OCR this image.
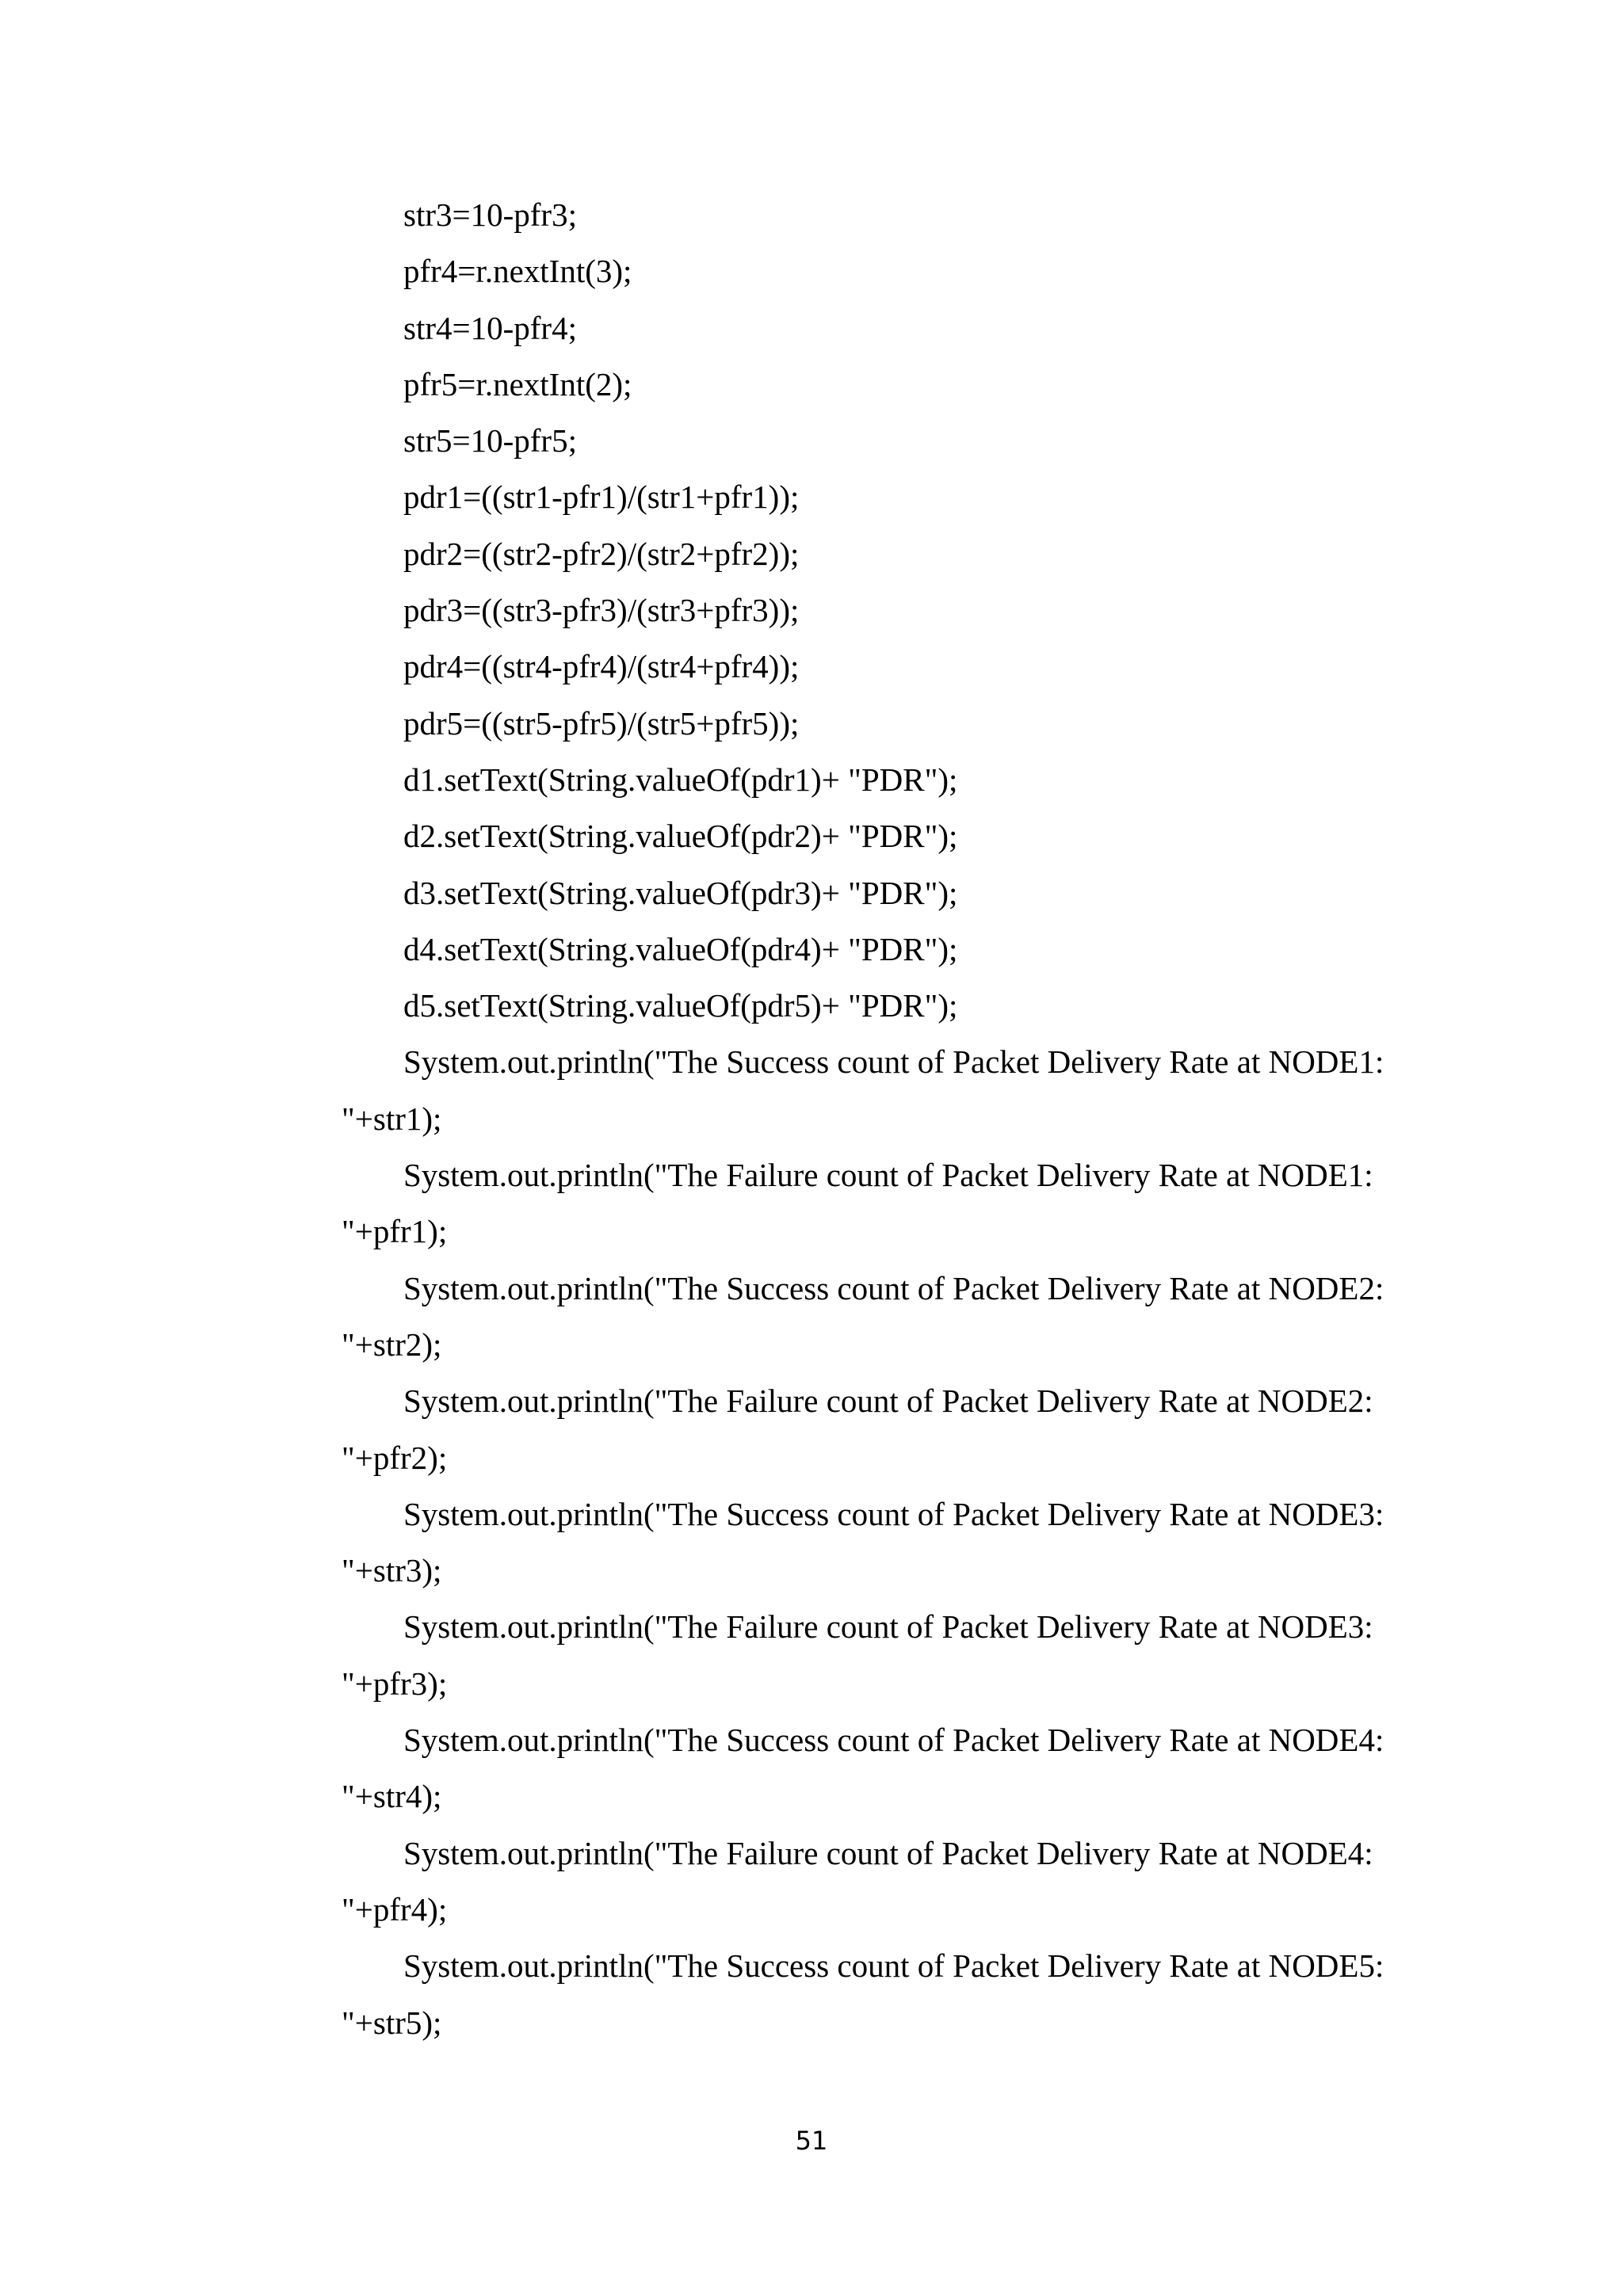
str3=10-pfr3;
pfr4=r.nextInt(3);
str4=10-pfr4;
pfr5=r.nextInt(2);
str5=10-pfr5;
pdr1=((str1-pfr1)/(str1+pfr1));
pdr2=((str2-pfr2)/(str2+pfr2));
pdr3=((str3-pfr3)/(str3+pfr3));
pdr4=((str4-pfr4)/(str4+pfr4));
pdr5=((str5-pfr5)/(str5+pfr5));
d1.setText(String.valueOf(pdr1)+ "PDR");
d2.setText(String.valueOf(pdr2)+ "PDR");
d3.setText(String.valueOf(pdr3)+ "PDR");
d4.setText(String.valueOf(pdr4)+ "PDR");
d5.setText(String.valueOf(pdr5)+ "PDR");
System.out.println("The Success count of Packet Delivery Rate at NODE1:
"+str1);
System.out.println("The Failure count of Packet Delivery Rate at NODE1:
"+pfr1);
System.out.println("The Success count of Packet Delivery Rate at NODE2:
"+str2);
System.out.println("The Failure count of Packet Delivery Rate at NODE2:
"+pfr2);
System.out.println("The Success count of Packet Delivery Rate at NODE3:
"+str3);
System.out.println("The Failure count of Packet Delivery Rate at NODE3:
"+pfr3);
System.out.println("The Success count of Packet Delivery Rate at NODE4:
"+str4);
System.out.println("The Failure count of Packet Delivery Rate at NODE4:
"+pfr4);
System.out.println("The Success count of Packet Delivery Rate at NODE5:
"+str5);
51
